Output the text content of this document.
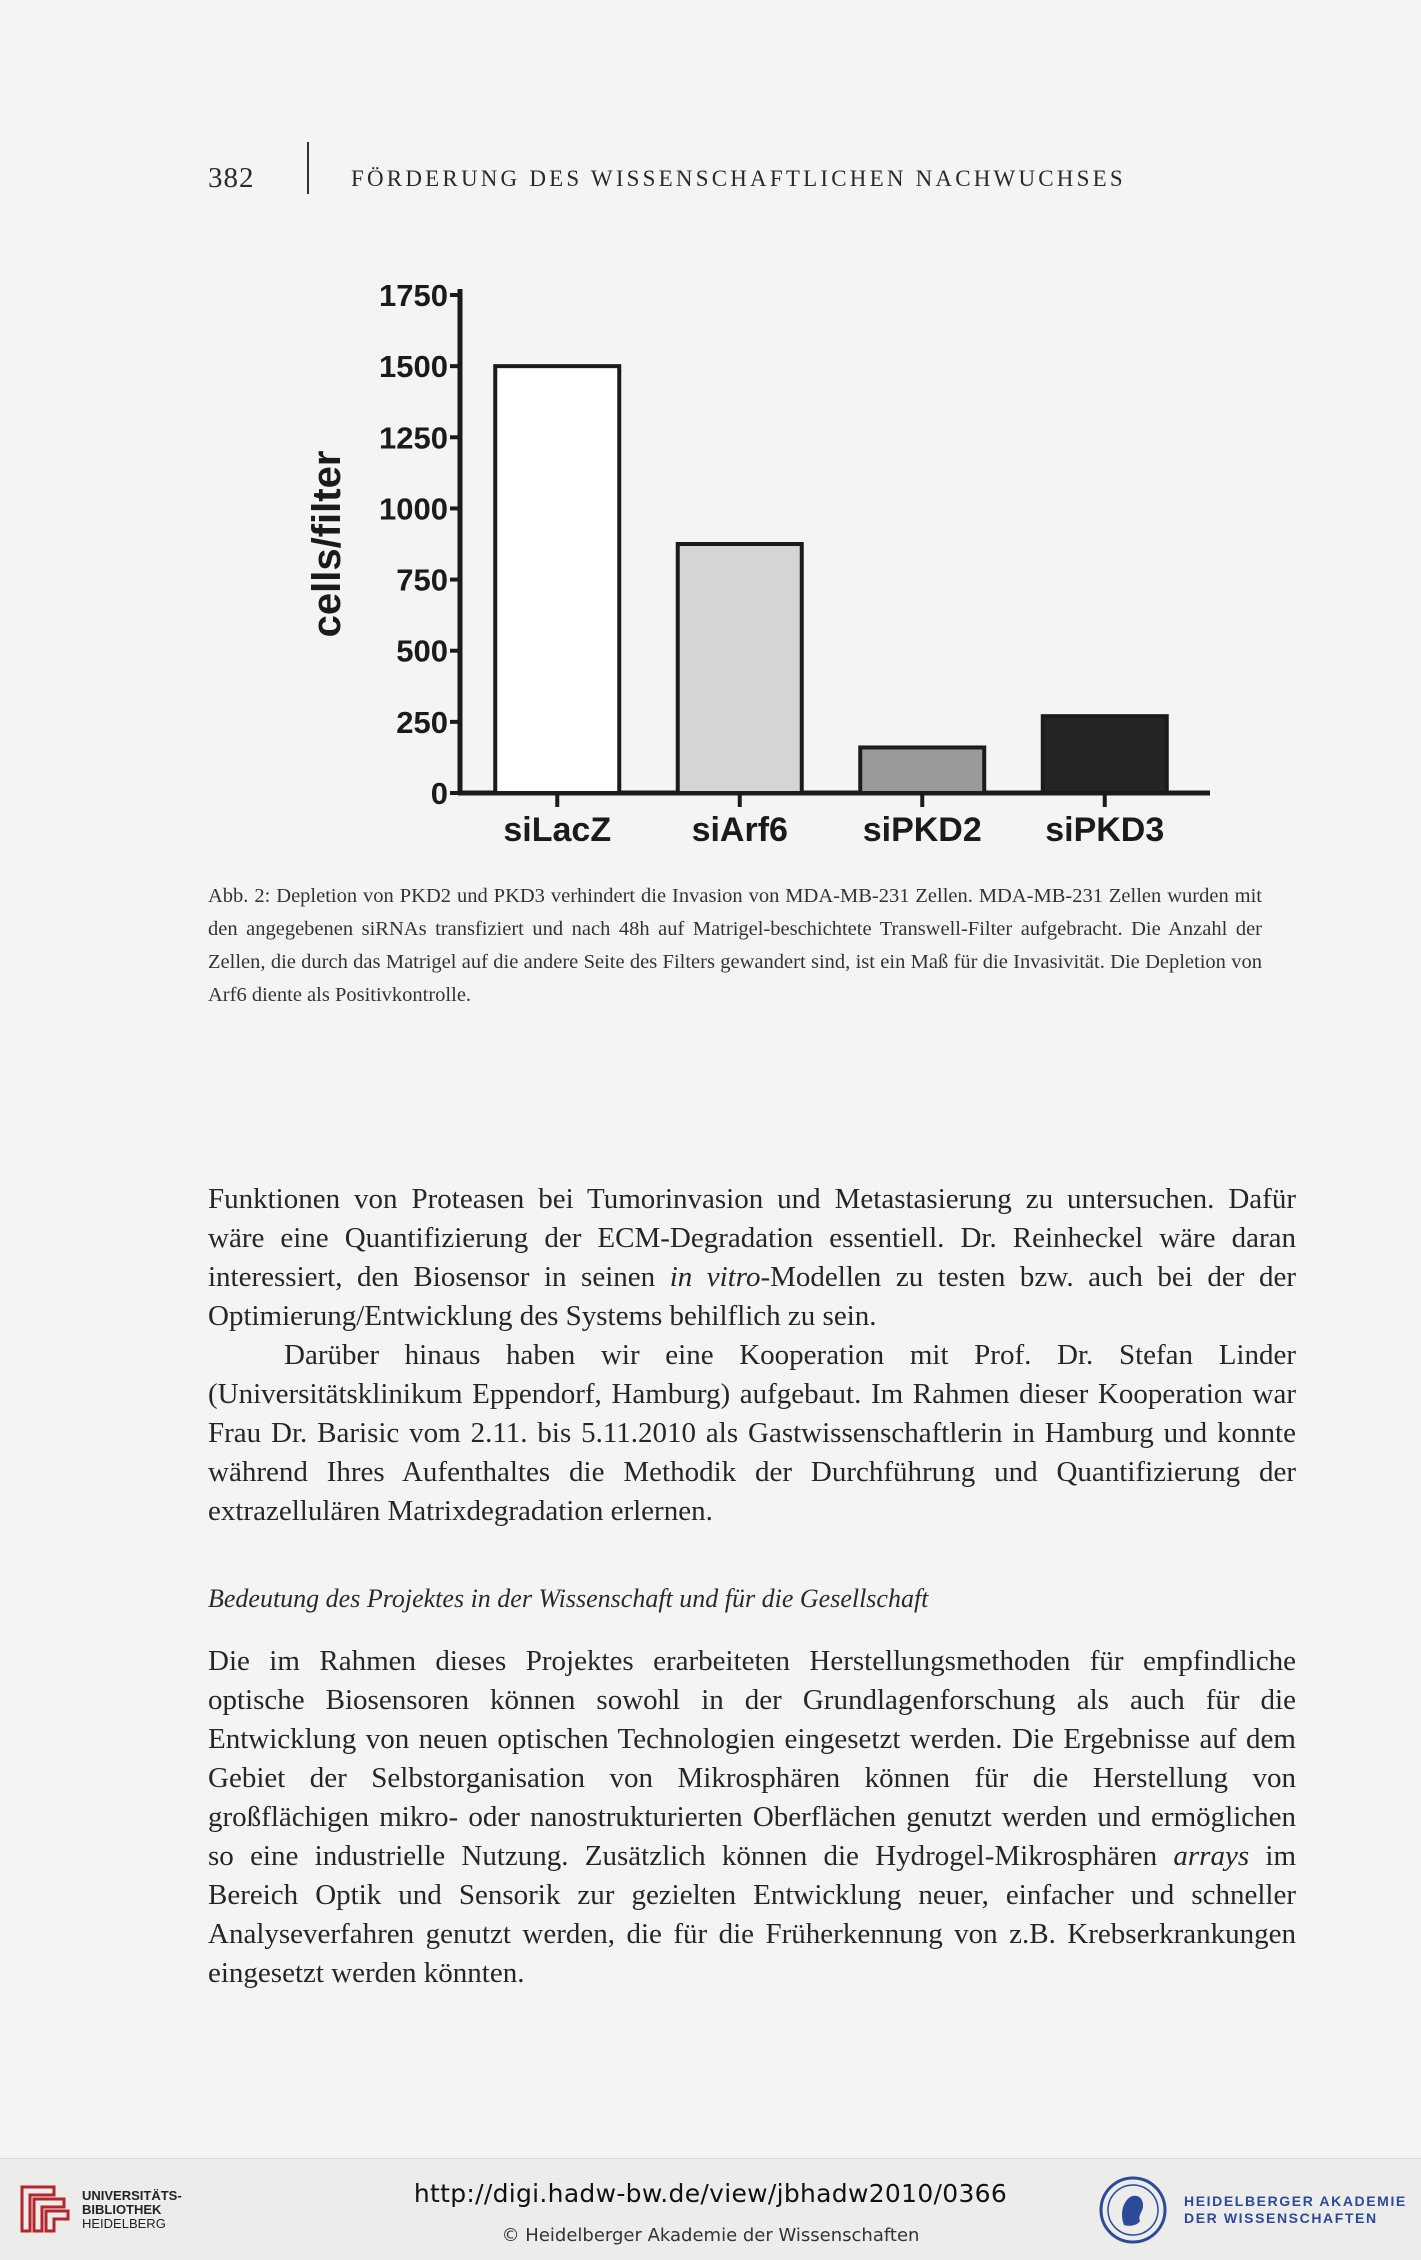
382	FÖRDERUNG DES WISSENSCHAFTLICHEN NACHWUCHSES
0
250
500
750
1000
1250
1500
1750
cells/filter
siLacZ siArf6 siPKD2 siPKD3

Abb. 2: Depletion von PKD2 und PKD3 verhindert die Invasion von MDA-MB-231 Zellen. MDA-MB-231 Zellen wurden mit den angegebenen siRNAs transfiziert und nach 48h auf Matrigel-beschichtete Transwell-Filter aufgebracht. Die Anzahl der Zellen, die durch das Matrigel auf die andere Seite des Filters gewandert sind, ist ein Maß für die Invasivität. Die Depletion von Arf6 diente als Positivkontrolle.

Funktionen von Proteasen bei Tumorinvasion und Metastasierung zu untersuchen. Dafür wäre eine Quantifizierung der ECM-Degradation essentiell. Dr. Reinheckel wäre daran interessiert, den Biosensor in seinen in vitro-Modellen zu testen bzw. auch bei der der Optimierung/Entwicklung des Systems behilflich zu sein.

Darüber hinaus haben wir eine Kooperation mit Prof. Dr. Stefan Linder (Universitätsklinikum Eppendorf, Hamburg) aufgebaut. Im Rahmen dieser Kooperation war Frau Dr. Barisic vom 2.11. bis 5.11.2010 als Gastwissenschaftlerin in Hamburg und konnte während Ihres Aufenthaltes die Methodik der Durchführung und Quantifizierung der extrazellulären Matrixdegradation erlernen.

Bedeutung des Projektes in der Wissenschaft und für die Gesellschaft

Die im Rahmen dieses Projektes erarbeiteten Herstellungsmethoden für empfindliche optische Biosensoren können sowohl in der Grundlagenforschung als auch für die Entwicklung von neuen optischen Technologien eingesetzt werden. Die Ergebnisse auf dem Gebiet der Selbstorganisation von Mikrosphären können für die Herstellung von großflächigen mikro- oder nanostrukturierten Oberflächen genutzt werden und ermöglichen so eine industrielle Nutzung. Zusätzlich können die Hydrogel-Mikrosphären arrays im Bereich Optik und Sensorik zur gezielten Entwicklung neuer, einfacher und schneller Analyseverfahren genutzt werden, die für die Früherkennung von z.B. Krebserkrankungen eingesetzt werden könnten.

UNIVERSITÄTS-
BIBLIOTHEK
HEIDELBERG
http://digi.hadw-bw.de/view/jbhadw2010/0366
© Heidelberger Akademie der Wissenschaften
HEIDELBERGER AKADEMIE
DER WISSENSCHAFTEN
